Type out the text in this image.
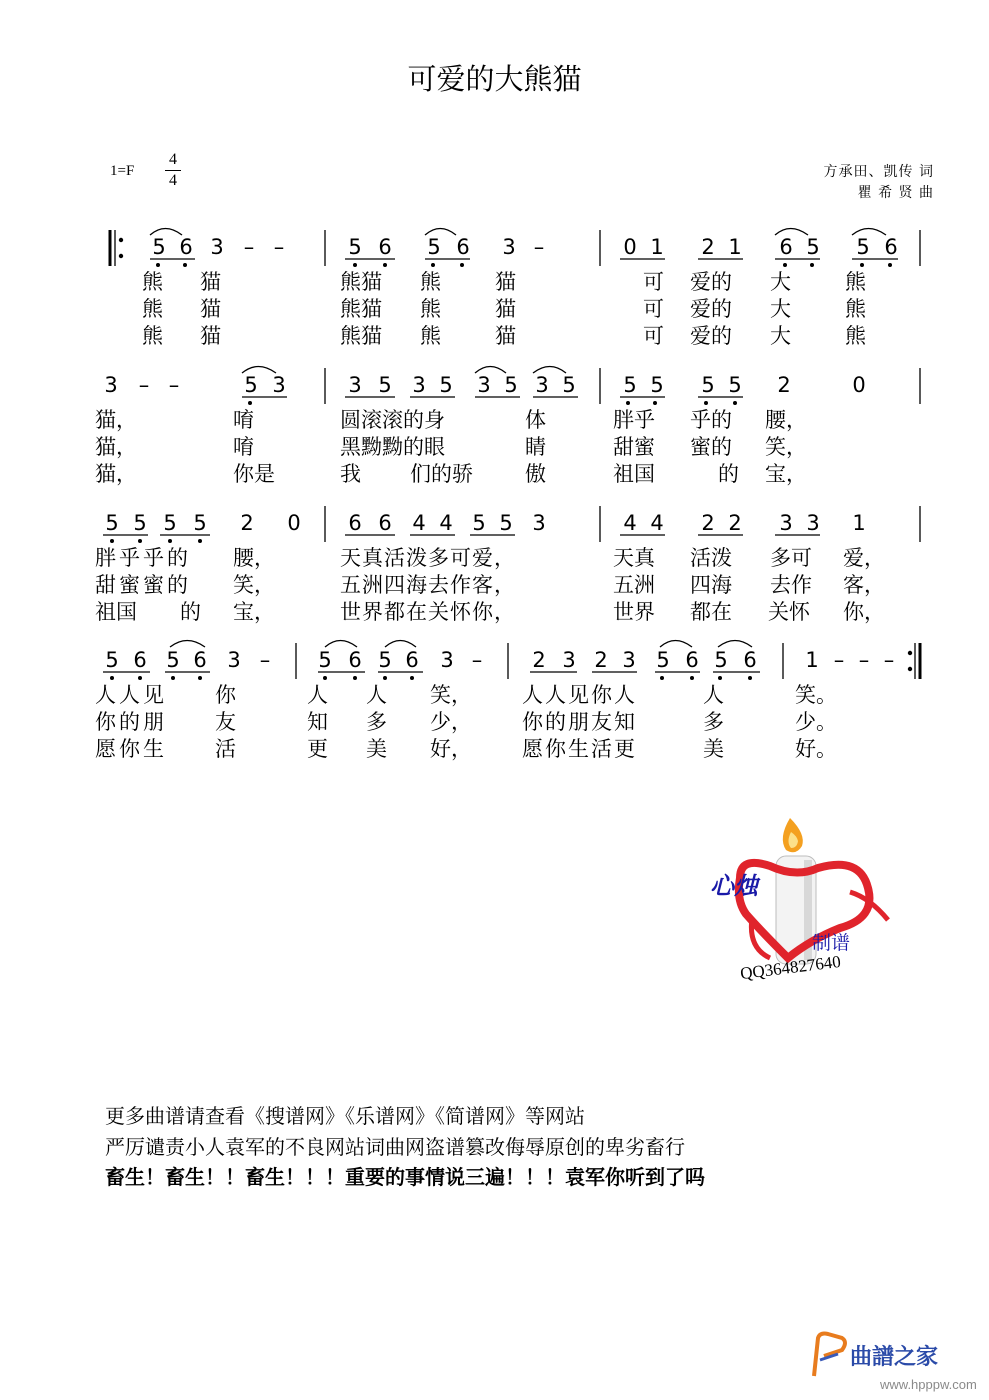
可爱的大熊猫
1=F
4
4	方承田、凯传 词
瞿 希 贤 曲
5 6 3 – –	5 6 5 6 3 –	0 1 2 1 6 5 5 6
熊 猫	熊猫 熊	猫	可 爱的 大	熊
熊 猫	熊猫 熊	猫	可 爱的 大	熊
熊 猫	熊猫 熊	猫	可 爱的 大	熊
3 – –	5 3	3 5 3 5 3 5 3 5 5 5 5 5 2	0
猫，	唷	圆滚滚的身	体	胖乎 乎的 腰，
猫，	唷	黑黝黝的眼	睛	甜蜜 蜜的 笑，
猫，	你是	我 们的骄 傲	祖国	的 宝，
5 5 5 5 2 0 6 6 4 4 5 5 3	4 4 2 2 3 3 1
胖乎乎的 腰，	天真活泼多可爱，	天真 活泼 多可 爱，
甜蜜蜜的 笑，	五洲四海去作客，	五洲 四海 去作 客，
祖国 的 宝，	世界都在关怀你，	世界 都在 关怀 你，
5 6 5 6 3 – 5 6 5 6 3 – 2 3 2 3 5 6 5 6 1 – – –
人人见 你	人 人 笑， 人人见你人	人	笑。
你的朋 友	知 多 少， 你的朋友知	多	少。
愿你生 活	更 美 好， 愿你生活更	美	好。
心烛
制谱
QQ364827640
更多曲谱请查看《搜谱网》《乐谱网》《简谱网》等网站
严厉谴责小人袁军的不良网站词曲网盗谱篡改侮辱原创的卑劣畜行
畜生！畜生！！畜生！！！重要的事情说三遍！！！袁军你听到了吗
曲譜之家
www.hpppw.com
